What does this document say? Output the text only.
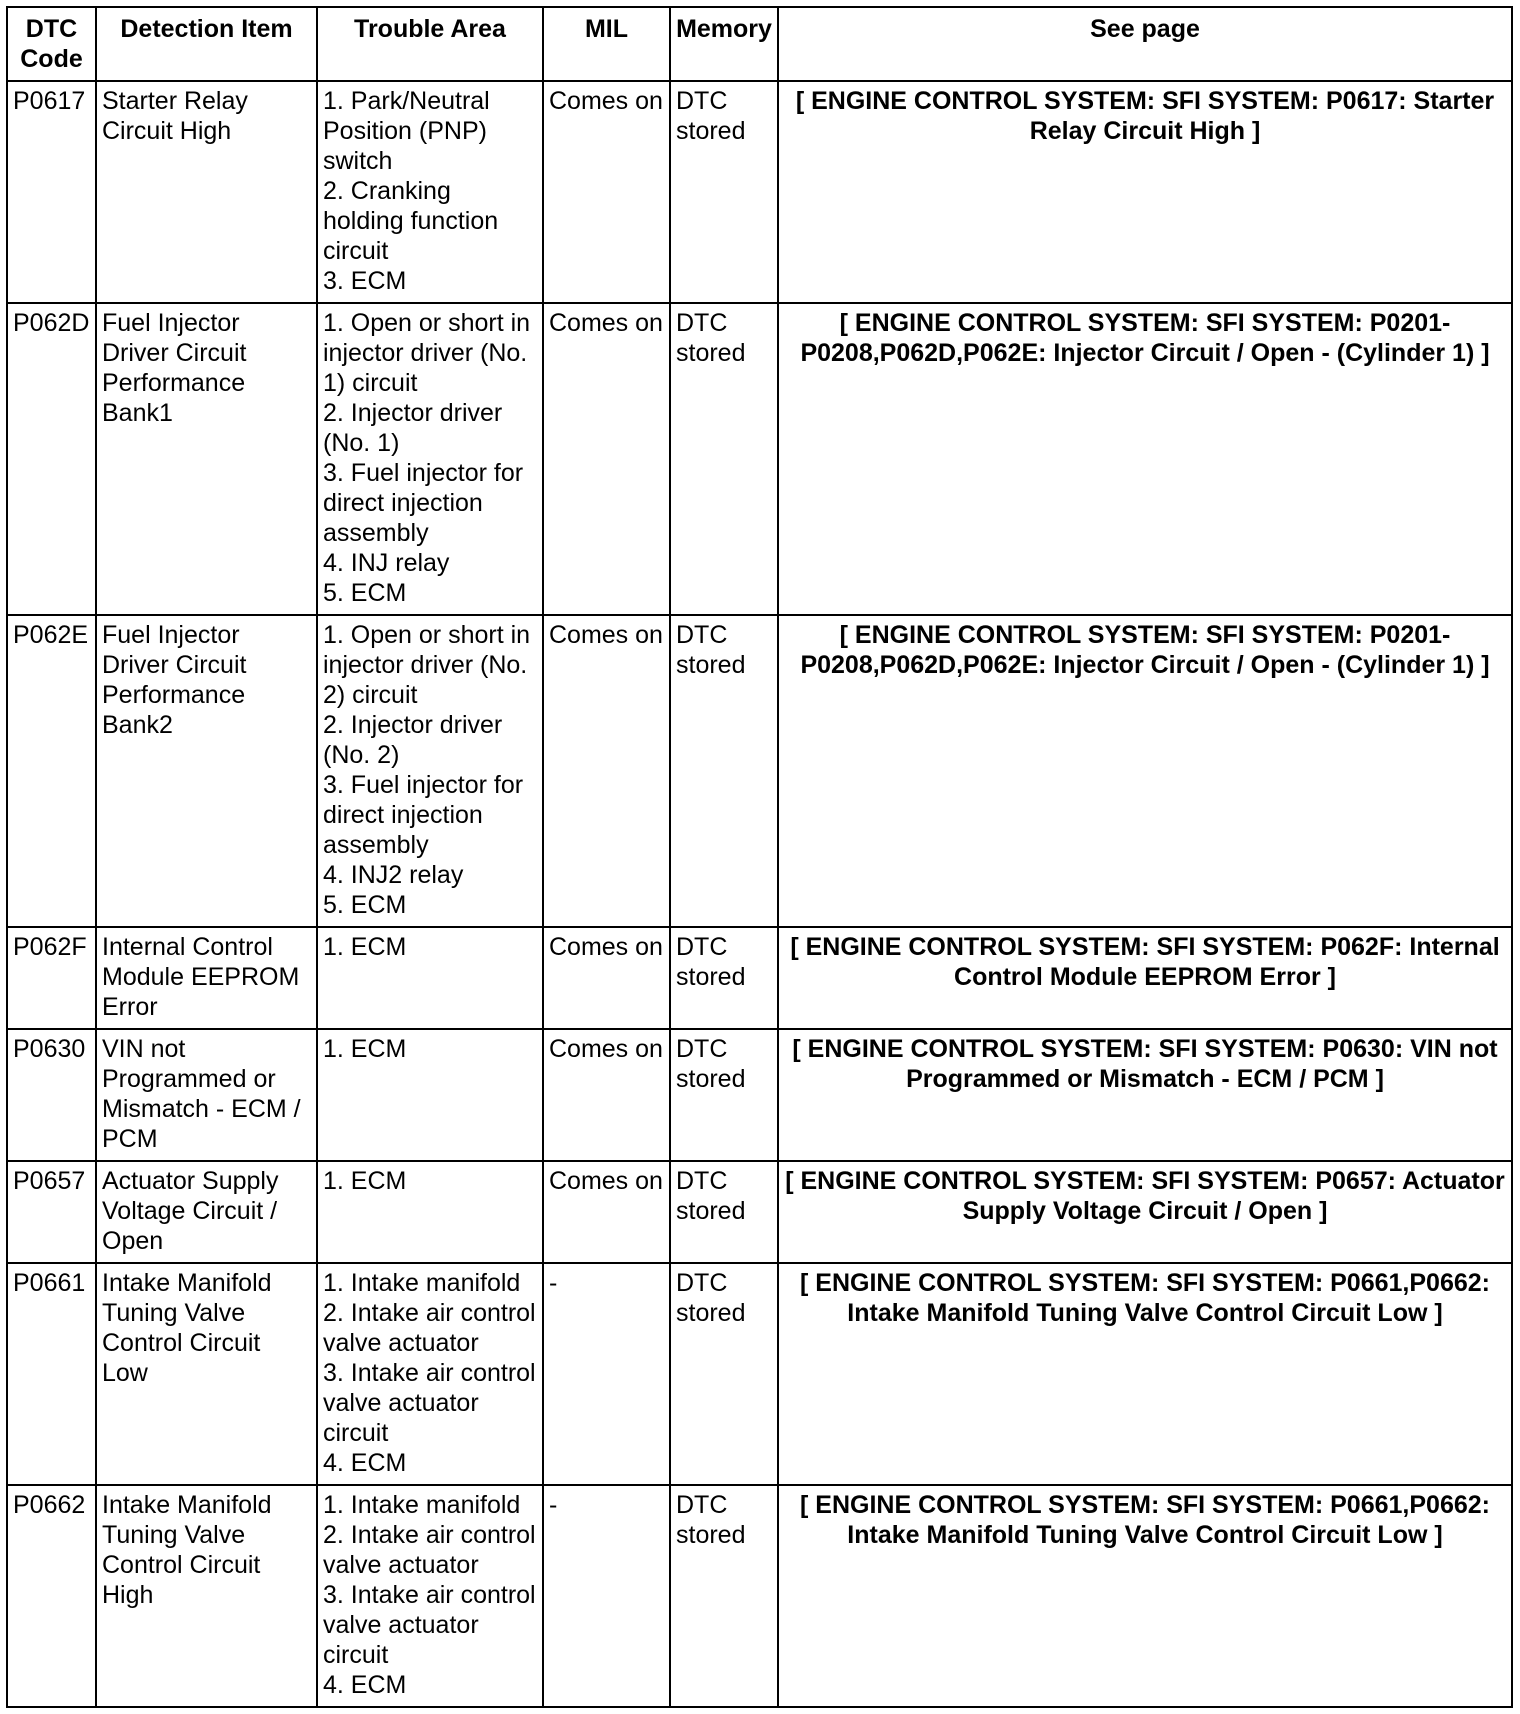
DTC Code	Detection Item	Trouble Area	MIL	Memory	See page
P0617	Starter Relay Circuit High	1. Park/Neutral Position (PNP) switch
2. Cranking holding function circuit
3. ECM	Comes on	DTC stored	[ ENGINE CONTROL SYSTEM: SFI SYSTEM: P0617: Starter Relay Circuit High ]
P062D	Fuel Injector Driver Circuit Performance Bank1	1. Open or short in injector driver (No. 1) circuit
2. Injector driver (No. 1)
3. Fuel injector for direct injection assembly
4. INJ relay
5. ECM	Comes on	DTC stored	[ ENGINE CONTROL SYSTEM: SFI SYSTEM: P0201-P0208,P062D,P062E: Injector Circuit / Open - (Cylinder 1) ]
P062E	Fuel Injector Driver Circuit Performance Bank2	1. Open or short in injector driver (No. 2) circuit
2. Injector driver (No. 2)
3. Fuel injector for direct injection assembly
4. INJ2 relay
5. ECM	Comes on	DTC stored	[ ENGINE CONTROL SYSTEM: SFI SYSTEM: P0201-P0208,P062D,P062E: Injector Circuit / Open - (Cylinder 1) ]
P062F	Internal Control Module EEPROM Error	1. ECM	Comes on	DTC stored	[ ENGINE CONTROL SYSTEM: SFI SYSTEM: P062F: Internal Control Module EEPROM Error ]
P0630	VIN not Programmed or Mismatch - ECM / PCM	1. ECM	Comes on	DTC stored	[ ENGINE CONTROL SYSTEM: SFI SYSTEM: P0630: VIN not Programmed or Mismatch - ECM / PCM ]
P0657	Actuator Supply Voltage Circuit / Open	1. ECM	Comes on	DTC stored	[ ENGINE CONTROL SYSTEM: SFI SYSTEM: P0657: Actuator Supply Voltage Circuit / Open ]
P0661	Intake Manifold Tuning Valve Control Circuit Low	1. Intake manifold
2. Intake air control valve actuator
3. Intake air control valve actuator circuit
4. ECM	-	DTC stored	[ ENGINE CONTROL SYSTEM: SFI SYSTEM: P0661,P0662: Intake Manifold Tuning Valve Control Circuit Low ]
P0662	Intake Manifold Tuning Valve Control Circuit High	1. Intake manifold
2. Intake air control valve actuator
3. Intake air control valve actuator circuit
4. ECM	-	DTC stored	[ ENGINE CONTROL SYSTEM: SFI SYSTEM: P0661,P0662: Intake Manifold Tuning Valve Control Circuit Low ]
